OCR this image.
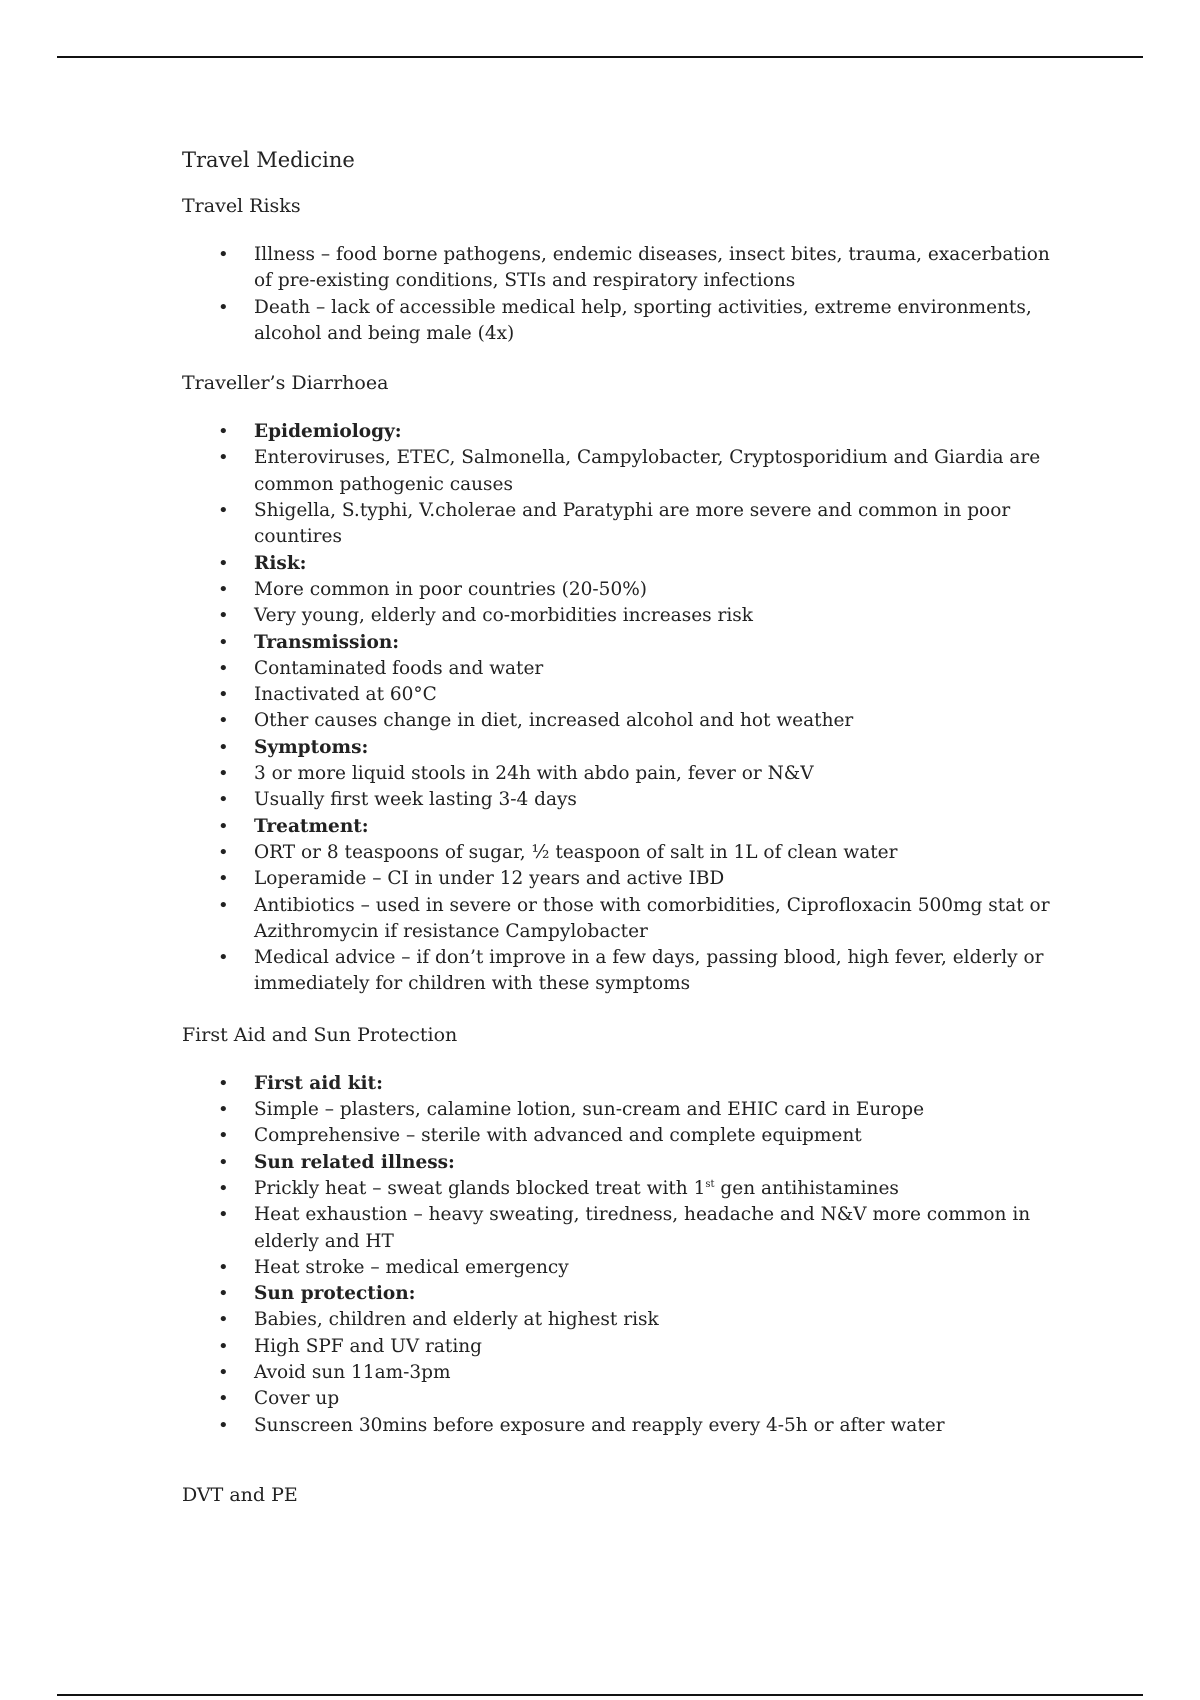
Travel Medicine
Travel Risks
• Illness – food borne pathogens, endemic diseases, insect bites, trauma, exacerbation of pre-existing conditions, STIs and respiratory infections
• Death – lack of accessible medical help, sporting activities, extreme environments, alcohol and being male (4x)
Traveller’s Diarrhoea
• Epidemiology:
• Enteroviruses, ETEC, Salmonella, Campylobacter, Cryptosporidium and Giardia are common pathogenic causes
• Shigella, S.typhi, V.cholerae and Paratyphi are more severe and common in poor countires
• Risk:
• More common in poor countries (20-50%)
• Very young, elderly and co-morbidities increases risk
• Transmission:
• Contaminated foods and water
• Inactivated at 60°C
• Other causes change in diet, increased alcohol and hot weather
• Symptoms:
• 3 or more liquid stools in 24h with abdo pain, fever or N&V
• Usually first week lasting 3-4 days
• Treatment:
• ORT or 8 teaspoons of sugar, ½ teaspoon of salt in 1L of clean water
• Loperamide – CI in under 12 years and active IBD
• Antibiotics – used in severe or those with comorbidities, Ciprofloxacin 500mg stat or Azithromycin if resistance Campylobacter
• Medical advice – if don’t improve in a few days, passing blood, high fever, elderly or immediately for children with these symptoms
First Aid and Sun Protection
• First aid kit:
• Simple – plasters, calamine lotion, sun-cream and EHIC card in Europe
• Comprehensive – sterile with advanced and complete equipment
• Sun related illness:
• Prickly heat – sweat glands blocked treat with 1st gen antihistamines
• Heat exhaustion – heavy sweating, tiredness, headache and N&V more common in elderly and HT
• Heat stroke – medical emergency
• Sun protection:
• Babies, children and elderly at highest risk
• High SPF and UV rating
• Avoid sun 11am-3pm
• Cover up
• Sunscreen 30mins before exposure and reapply every 4-5h or after water
DVT and PE
